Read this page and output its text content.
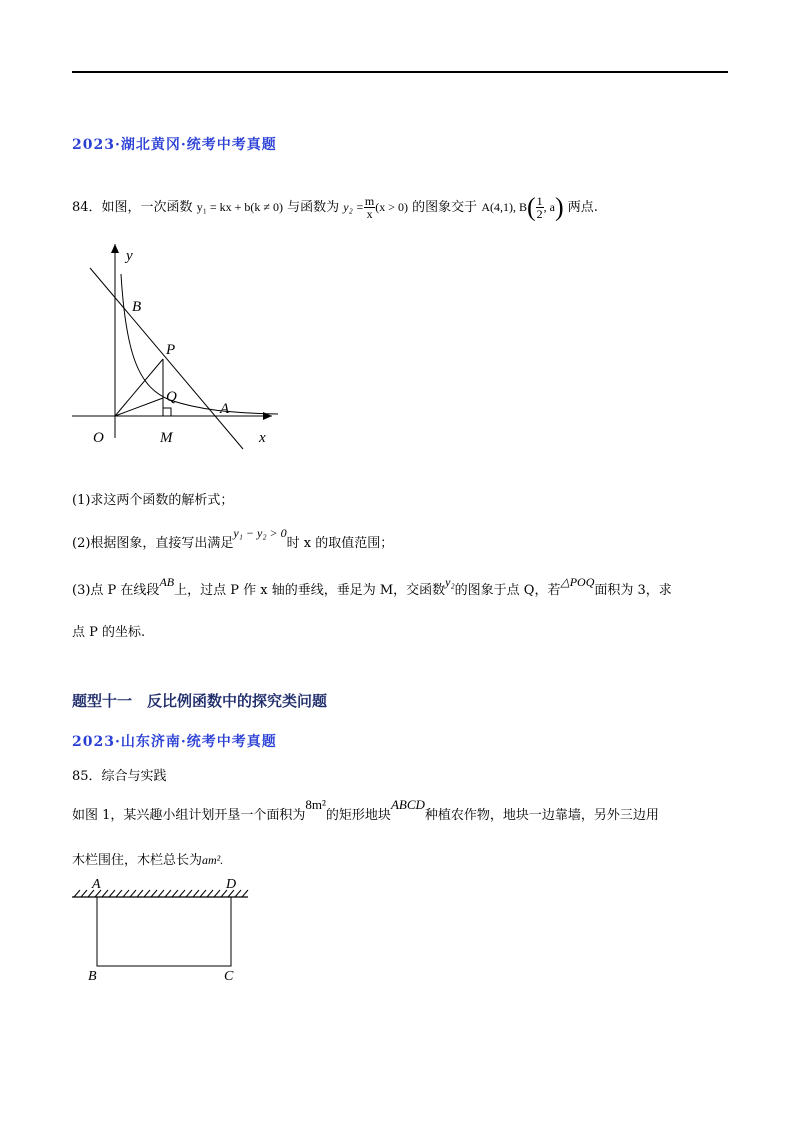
2023·湖北黄冈·统考中考真题
84．如图，一次函数 y₁ = kx + b(k ≠ 0) 与函数为 $y_2 = \frac{m}{x} (x > 0)$ 的图象交于 A(4,1), $B( \frac{1}{2}$ , a) 两点.
y
x
O
B
P
Q
A
M
(1)求这两个函数的解析式；
(2)根据图象，直接写出满足y₁ − y₂ > 0时 x 的取值范围；
(3)点 P 在线段AB上，过点 P 作 x 轴的垂线，垂足为 M，交函数y₂的图象于点 Q，若△POQ面积为 3，求
点 P 的坐标.
题型十一　反比例函数中的探究类问题
2023·山东济南·统考中考真题
85．综合与实践
如图 1，某兴趣小组计划开垦一个面积为8m²的矩形地块ABCD种植农作物，地块一边靠墙，另外三边用
木栏围住，木栏总长为am².
A	D
B	C
